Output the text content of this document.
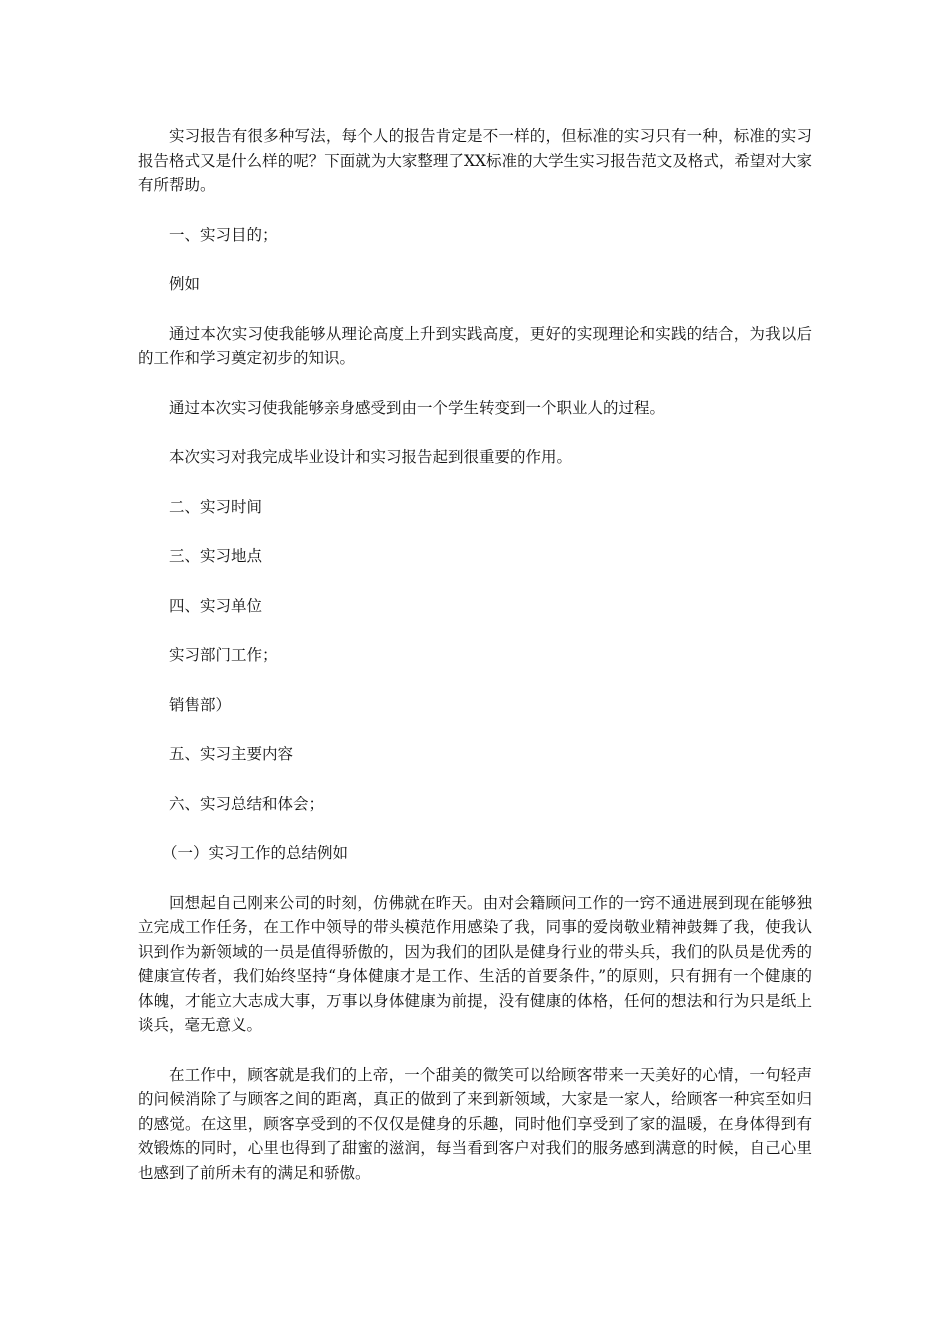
实习报告有很多种写法，每个人的报告肯定是不一样的，但标准的实习只有一种，标准的实习报告格式又是什么样的呢？下面就为大家整理了XX标准的大学生实习报告范文及格式，希望对大家有所帮助。

一、实习目的；
例如

通过本次实习使我能够从理论高度上升到实践高度，更好的实现理论和实践的结合，为我以后的工作和学习奠定初步的知识。

通过本次实习使我能够亲身感受到由一个学生转变到一个职业人的过程。
本次实习对我完成毕业设计和实习报告起到很重要的作用。
二、实习时间
三、实习地点
四、实习单位
实习部门工作；
销售部）
五、实习主要内容
六、实习总结和体会；
（一）实习工作的总结例如

回想起自己刚来公司的时刻，仿佛就在昨天。由对会籍顾问工作的一窍不通进展到现在能够独立完成工作任务，在工作中领导的带头模范作用感染了我，同事的爱岗敬业精神鼓舞了我，使我认识到作为新领域的一员是值得骄傲的，因为我们的团队是健身行业的带头兵，我们的队员是优秀的健康宣传者，我们始终坚持“身体健康才是工作、生活的首要条件，”的原则，只有拥有一个健康的体魄，才能立大志成大事，万事以身体健康为前提，没有健康的体格，任何的想法和行为只是纸上谈兵，毫无意义。

在工作中，顾客就是我们的上帝，一个甜美的微笑可以给顾客带来一天美好的心情，一句轻声的问候消除了与顾客之间的距离，真正的做到了来到新领域，大家是一家人，给顾客一种宾至如归的感觉。在这里，顾客享受到的不仅仅是健身的乐趣，同时他们享受到了家的温暖，在身体得到有效锻炼的同时，心里也得到了甜蜜的滋润，每当看到客户对我们的服务感到满意的时候，自己心里也感到了前所未有的满足和骄傲。
